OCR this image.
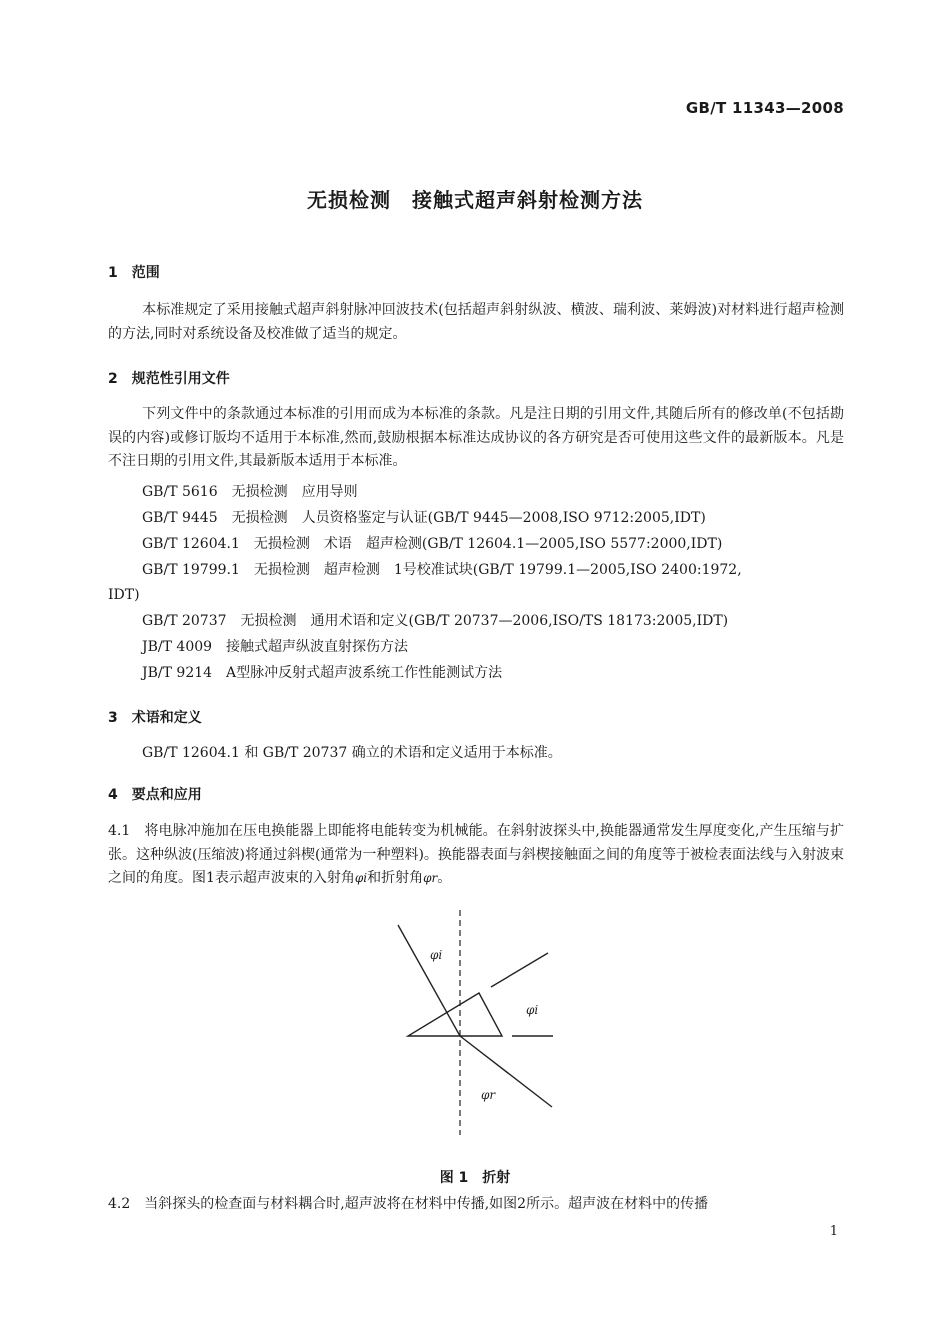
GB/T 11343—2008
无损检测　接触式超声斜射检测方法
1　范围
本标准规定了采用接触式超声斜射脉冲回波技术(包括超声斜射纵波、横波、瑞利波、莱姆波)对材料进行超声检测的方法,同时对系统设备及校准做了适当的规定。
2　规范性引用文件
下列文件中的条款通过本标准的引用而成为本标准的条款。凡是注日期的引用文件,其随后所有的修改单(不包括勘误的内容)或修订版均不适用于本标准,然而,鼓励根据本标准达成协议的各方研究是否可使用这些文件的最新版本。凡是不注日期的引用文件,其最新版本适用于本标准。
GB/T 5616　无损检测　应用导则
GB/T 9445　无损检测　人员资格鉴定与认证(GB/T 9445—2008,ISO 9712:2005,IDT)
GB/T 12604.1　无损检测　术语　超声检测(GB/T 12604.1—2005,ISO 5577:2000,IDT)
GB/T 19799.1　无损检测　超声检测　1号校准试块(GB/T 19799.1—2005,ISO 2400:1972,
IDT)
GB/T 20737　无损检测　通用术语和定义(GB/T 20737—2006,ISO/TS 18173:2005,IDT)
JB/T 4009　接触式超声纵波直射探伤方法
JB/T 9214　A型脉冲反射式超声波系统工作性能测试方法
3　术语和定义
GB/T 12604.1 和 GB/T 20737 确立的术语和定义适用于本标准。
4　要点和应用
4.1　 将电脉冲施加在压电换能器上即能将电能转变为机械能。在斜射波探头中,换能器通常发生厚度变化,产生压缩与扩张。这种纵波(压缩波)将通过斜楔(通常为一种塑料)。换能器表面与斜楔接触面之间的角度等于被检表面法线与入射波束之间的角度。图1表示超声波束的入射角φi和折射角φr。
φi
φi
φr
图 1　折射
4.2　 当斜探头的检查面与材料耦合时,超声波将在材料中传播,如图2所示。超声波在材料中的传播
1
